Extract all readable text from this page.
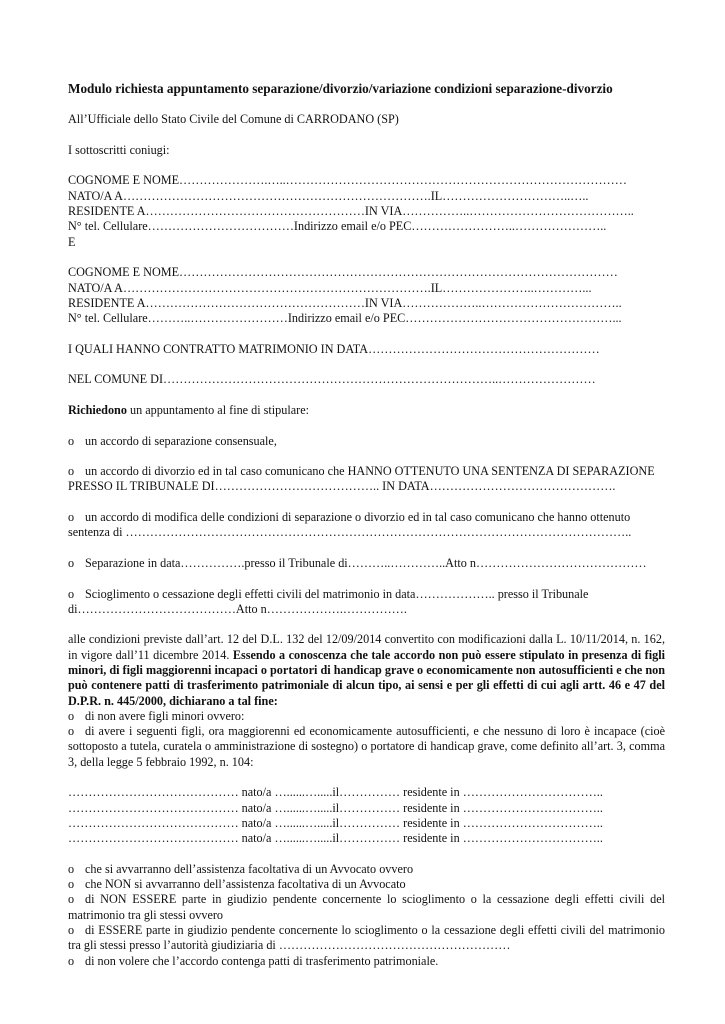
Modulo richiesta appuntamento separazione/divorzio/variazione condizioni separazione-divorzio

All’Ufficiale dello Stato Civile del Comune di CARRODANO (SP)

I sottoscritti coniugi:

COGNOME E NOME………………….…..…………………………………………………………………………
NATO/A A………………………………………………………………….IL…………………………..…..
RESIDENTE A………………………………………………IN VIA……………..…………………………………..
N° tel. Cellulare………………………………Indirizzo email e/o PEC……………………..…………………..
E
COGNOME E NOME………………………………………………………………………………………………
NATO/A A………………………………………………………………….IL…………………..…………...
RESIDENTE A………………………………………………IN VIA………………..……………………………..
N° tel. Cellulare………..……………………Indirizzo email e/o PEC……………………………………………...
I QUALI HANNO CONTRATTO MATRIMONIO IN DATA…………………………………………………
NEL COMUNE DI………………………………………………………………………..……………………

Richiedono un appuntamento al fine di stipulare:

o un accordo di separazione consensuale,

o un accordo di divorzio ed in tal caso comunicano che HANNO OTTENUTO UNA SENTENZA DI SEPARAZIONE
PRESSO IL TRIBUNALE DI………………………………….. IN DATA……………………………………….
o un accordo di modifica delle condizioni di separazione o divorzio ed in tal caso comunicano che hanno ottenuto
sentenza di ……………………………………………………………………………………………………………..
o Separazione in data…………….presso il Tribunale di………..…………..Atto n……………………………………
o Scioglimento o cessazione degli effetti civili del matrimonio in data……………….. presso il Tribunale
di…………………………………Atto n……………….…………….

alle condizioni previste dall’art. 12 del D.L. 132 del 12/09/2014 convertito con modificazioni dalla L. 10/11/2014, n. 162, in vigore dall’11 dicembre 2014. Essendo a conoscenza che tale accordo non può essere stipulato in presenza di figli minori, di figli maggiorenni incapaci o portatori di handicap grave o economicamente non autosufficienti e che non può contenere patti di trasferimento patrimoniale di alcun tipo, ai sensi e per gli effetti di cui agli artt. 46 e 47 del D.P.R. n. 445/2000, dichiarano a tal fine:

o di non avere figli minori ovvero:

o di avere i seguenti figli, ora maggiorenni ed economicamente autosufficienti, e che nessuno di loro è incapace (cioè sottoposto a tutela, curatela o amministrazione di sostegno) o portatore di handicap grave, come definito all’art. 3, comma 3, della legge 5 febbraio 1992, n. 104:

…………………………………… nato/a …......….....il…………… residente in ……………………………..
…………………………………… nato/a …......….....il…………… residente in ……………………………..
…………………………………… nato/a …......….....il…………… residente in ……………………………..
…………………………………… nato/a …......….....il…………… residente in ……………………………..

o che si avvarranno dell’assistenza facoltativa di un Avvocato ovvero

o che NON si avvarranno dell’assistenza facoltativa di un Avvocato

o di NON ESSERE parte in giudizio pendente concernente lo scioglimento o la cessazione degli effetti civili del matrimonio tra gli stessi ovvero

o di ESSERE parte in giudizio pendente concernente lo scioglimento o la cessazione degli effetti civili del matrimonio tra gli stessi presso l’autorità giudiziaria di …………………………………………………

o di non volere che l’accordo contenga patti di trasferimento patrimoniale.
